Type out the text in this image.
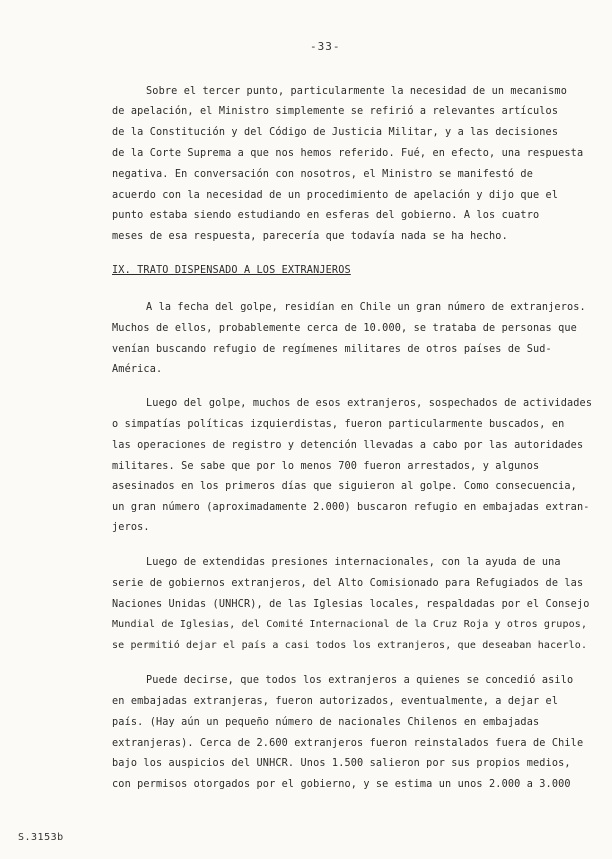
-33-
Sobre el tercer punto, particularmente la necesidad de un mecanismo
de apelación, el Ministro simplemente se refirió a relevantes artículos
de la Constitución y del Código de Justicia Militar, y a las decisiones
de la Corte Suprema a que nos hemos referido. Fué, en efecto, una respuesta
negativa. En conversación con nosotros, el Ministro se manifestó de
acuerdo con la necesidad de un procedimiento de apelación y dijo que el
punto estaba siendo estudiando en esferas del gobierno. A los cuatro
meses de esa respuesta, parecería que todavía nada se ha hecho.
IX. TRATO DISPENSADO A LOS EXTRANJEROS
A la fecha del golpe, residían en Chile un gran número de extranjeros.
Muchos de ellos, probablemente cerca de 10.000, se trataba de personas que
venían buscando refugio de regímenes militares de otros países de Sud-
América.
Luego del golpe, muchos de esos extranjeros, sospechados de actividades
o simpatías políticas izquierdistas, fueron particularmente buscados, en
las operaciones de registro y detención llevadas a cabo por las autoridades
militares. Se sabe que por lo menos 700 fueron arrestados, y algunos
asesinados en los primeros días que siguieron al golpe. Como consecuencia,
un gran número (aproximadamente 2.000) buscaron refugio en embajadas extran-
jeros.
Luego de extendidas presiones internacionales, con la ayuda de una
serie de gobiernos extranjeros, del Alto Comisionado para Refugiados de las
Naciones Unidas (UNHCR), de las Iglesias locales, respaldadas por el Consejo
Mundial de Iglesias, del Comité Internacional de la Cruz Roja y otros grupos,
se permitió dejar el país a casi todos los extranjeros, que deseaban hacerlo.
Puede decirse, que todos los extranjeros a quienes se concedió asilo
en embajadas extranjeras, fueron autorizados, eventualmente, a dejar el
país. (Hay aún un pequeño número de nacionales Chilenos en embajadas
extranjeras). Cerca de 2.600 extranjeros fueron reinstalados fuera de Chile
bajo los auspicios del UNHCR. Unos 1.500 salieron por sus propios medios,
con permisos otorgados por el gobierno, y se estima un unos 2.000 a 3.000
S.3153b
